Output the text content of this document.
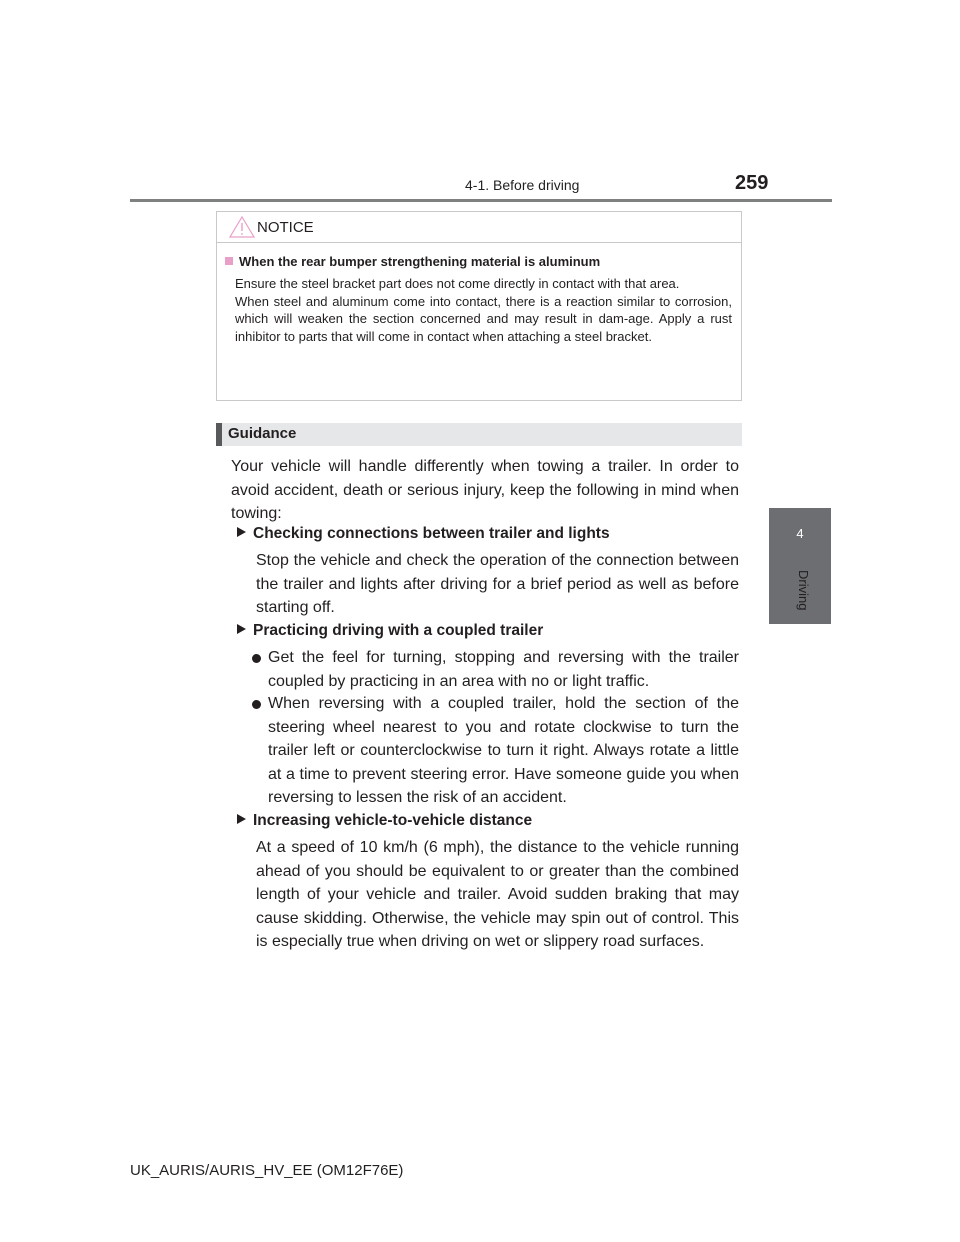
4-1. Before driving	259
4
Driving
NOTICE
When the rear bumper strengthening material is aluminum

Ensure the steel bracket part does not come directly in contact with that area.

When steel and aluminum come into contact, there is a reaction similar to corrosion, which will weaken the section concerned and may result in dam-age. Apply a rust inhibitor to parts that will come in contact when attaching a steel bracket.

Guidance

Your vehicle will handle differently when towing a trailer. In order to avoid accident, death or serious injury, keep the following in mind when towing:

Checking connections between trailer and lights

Stop the vehicle and check the operation of the connection between the trailer and lights after driving for a brief period as well as before starting off.

Practicing driving with a coupled trailer

Get the feel for turning, stopping and reversing with the trailer coupled by practicing in an area with no or light traffic.

When reversing with a coupled trailer, hold the section of the steering wheel nearest to you and rotate clockwise to turn the trailer left or counterclockwise to turn it right. Always rotate a little at a time to prevent steering error. Have someone guide you when reversing to lessen the risk of an accident.

Increasing vehicle-to-vehicle distance

At a speed of 10 km/h (6 mph), the distance to the vehicle running ahead of you should be equivalent to or greater than the combined length of your vehicle and trailer. Avoid sudden braking that may cause skidding. Otherwise, the vehicle may spin out of control. This is especially true when driving on wet or slippery road surfaces.

UK_AURIS/AURIS_HV_EE (OM12F76E)
